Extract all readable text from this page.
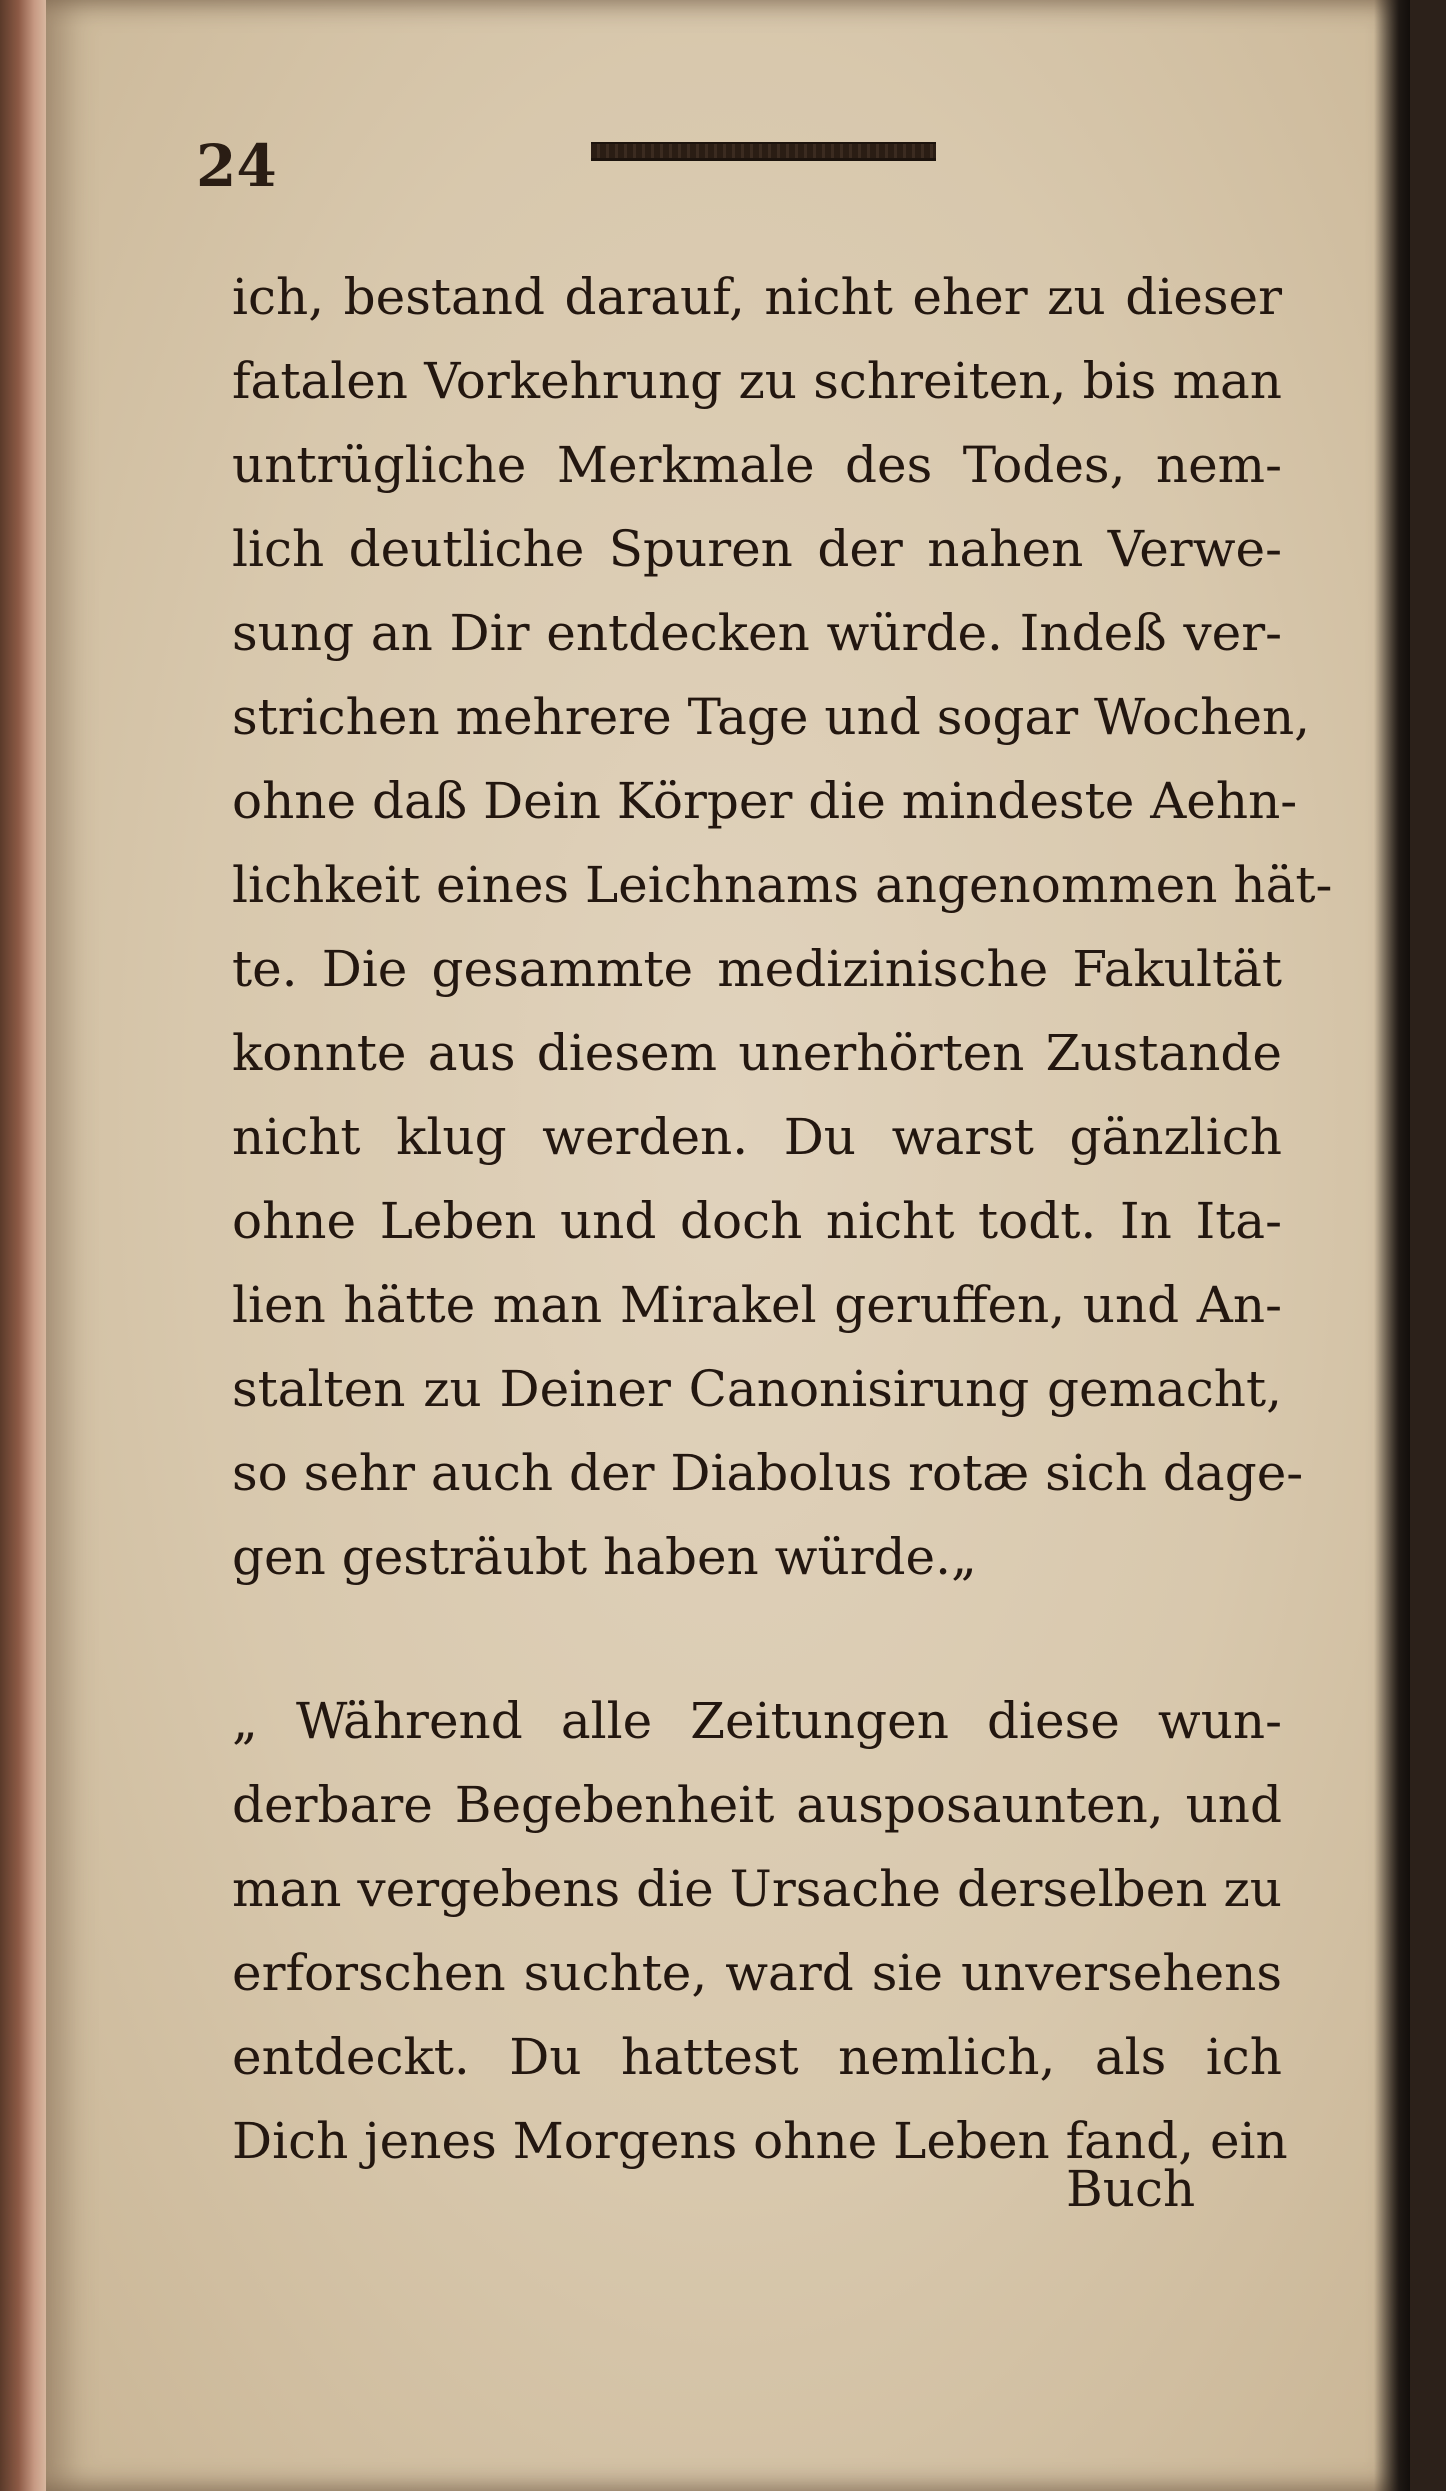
24
ich, bestand darauf, nicht eher zu dieser
fatalen Vorkehrung zu schreiten, bis man
untrügliche Merkmale des Todes, nem-
lich deutliche Spuren der nahen Verwe-
sung an Dir entdecken würde. Indeß ver-
strichen mehrere Tage und sogar Wochen,
ohne daß Dein Körper die mindeste Aehn-
lichkeit eines Leichnams angenommen hät-
te. Die gesammte medizinische Fakultät
konnte aus diesem unerhörten Zustande
nicht klug werden. Du warst gänzlich
ohne Leben und doch nicht todt. In Ita-
lien hätte man Mirakel geruffen, und An-
stalten zu Deiner Canonisirung gemacht,
so sehr auch der Diabolus rotæ sich dage-
gen gesträubt haben würde.„
„ Während alle Zeitungen diese wun-
derbare Begebenheit ausposaunten, und
man vergebens die Ursache derselben zu
erforschen suchte, ward sie unversehens
entdeckt. Du hattest nemlich, als ich
Dich jenes Morgens ohne Leben fand, ein
Buch
